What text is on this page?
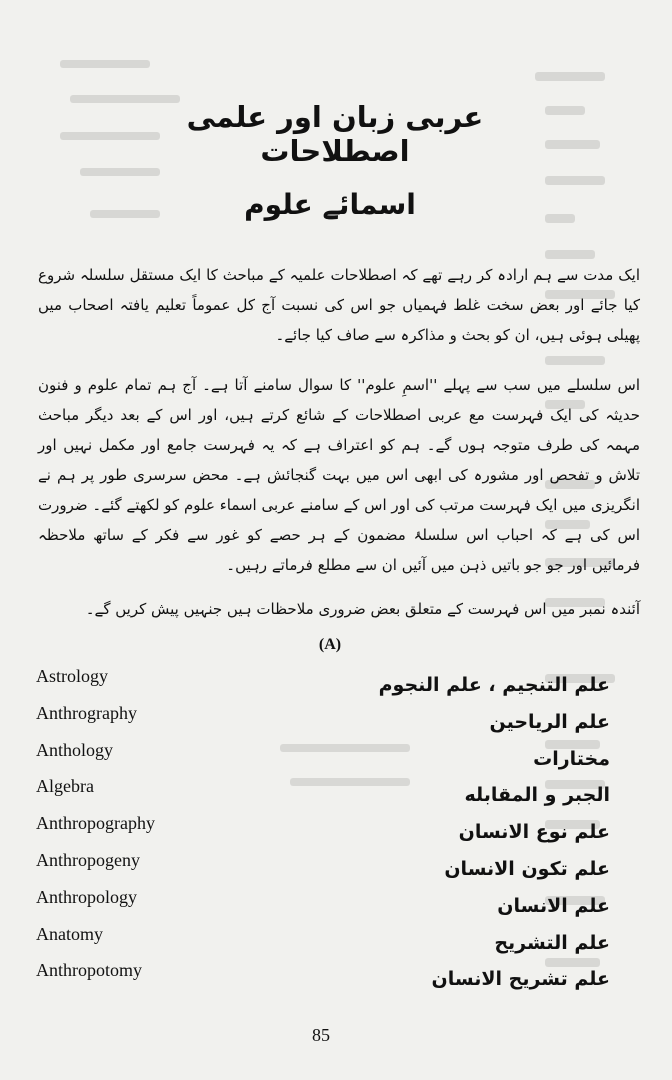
عربی زبان اور علمی اصطلاحات
اسمائے علوم

ایک مدت سے ہم ارادہ کر رہے تھے کہ اصطلاحات علمیہ کے مباحث کا ایک مستقل سلسلہ شروع کیا جائے اور بعض سخت غلط فہمیاں جو اس کی نسبت آج کل عموماً تعلیم یافتہ اصحاب میں پھیلی ہوئی ہیں، ان کو بحث و مذاکرہ سے صاف کیا جائے۔

اس سلسلے میں سب سے پہلے ''اسمِ علوم'' کا سوال سامنے آتا ہے۔ آج ہم تمام علوم و فنون حدیثہ کی ایک فہرست مع عربی اصطلاحات کے شائع کرتے ہیں، اور اس کے بعد دیگر مباحث مہمہ کی طرف متوجہ ہوں گے۔ ہم کو اعتراف ہے کہ یہ فہرست جامع اور مکمل نہیں اور تلاش و تفحص اور مشورہ کی ابھی اس میں بہت گنجائش ہے۔ محض سرسری طور پر ہم نے انگریزی میں ایک فہرست مرتب کی اور اس کے سامنے عربی اسماء علوم کو لکھتے گئے۔ ضرورت اس کی ہے کہ احباب اس سلسلۂ مضمون کے ہر حصے کو غور سے فکر کے ساتھ ملاحظہ فرمائیں اور جو جو باتیں ذہن میں آئیں ان سے مطلع فرماتے رہیں۔

آئندہ نمبر میں اس فہرست کے متعلق بعض ضروری ملاحظات ہیں جنہیں پیش کریں گے۔

(A)
Astrology	علم التنجیم ، علم النجوم
Anthrography	علم الریاحین
Anthology	مختارات
Algebra	الجبر و المقابله
Anthropography	علم نوع الانسان
Anthropogeny	علم تکون الانسان
Anthropology	علم الانسان
Anatomy	علم التشریح
Anthropotomy	علم تشریح الانسان
85
